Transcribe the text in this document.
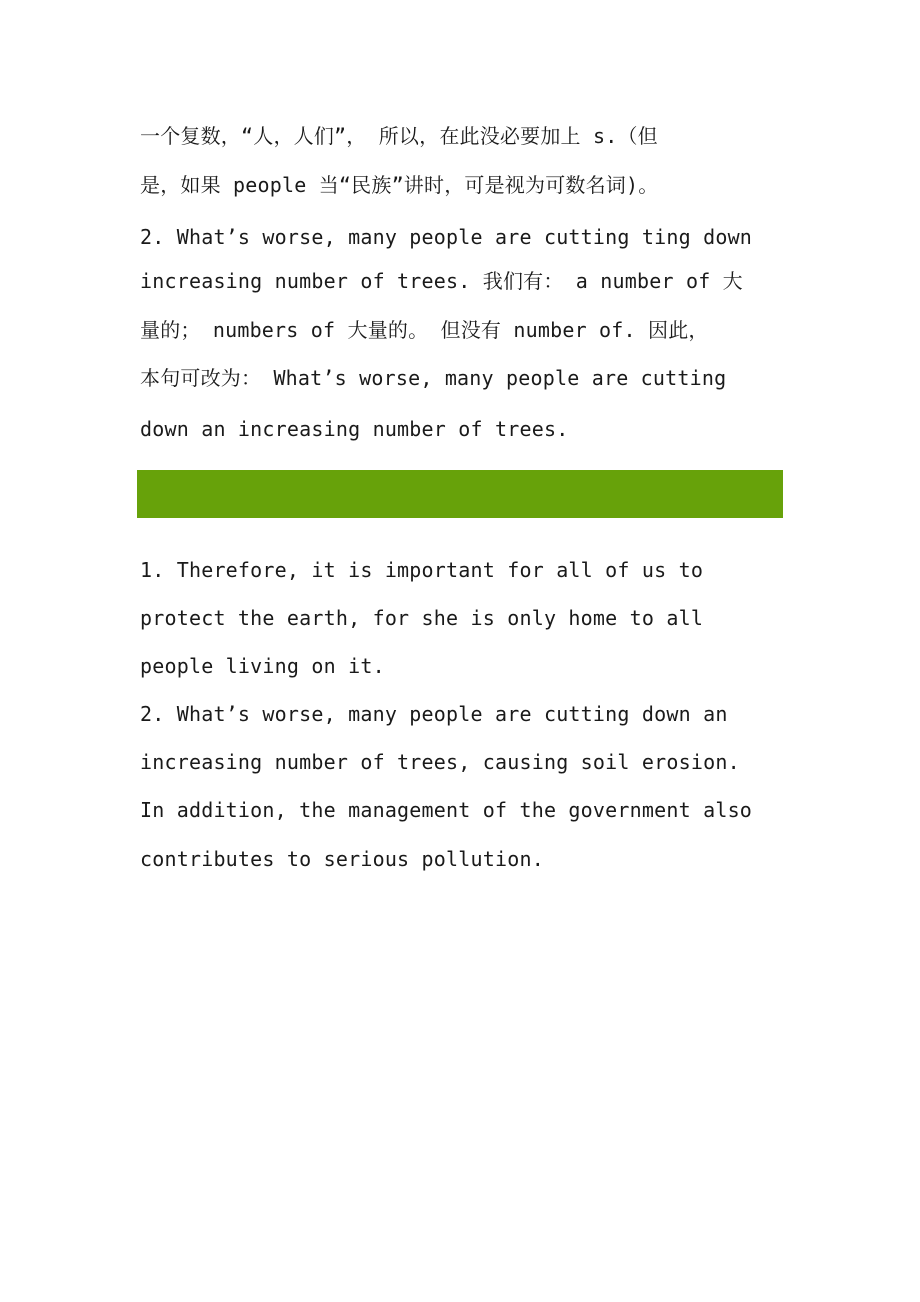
一个复数，“人，人们”， 所以，在此没必要加上 s.（但
是，如果 people 当“民族”讲时，可是视为可数名词)。
2. What’s worse, many people are cutting ting down
increasing number of trees. 我们有： a number of 大
量的； numbers of 大量的。 但没有 number of. 因此，
本句可改为： What’s worse, many people are cutting
down an increasing number of trees.
1. Therefore, it is important for all of us to
protect the earth, for she is only home to all
people living on it.
2. What’s worse, many people are cutting down an
increasing number of trees, causing soil erosion.
In addition, the management of the government also
contributes to serious pollution.
